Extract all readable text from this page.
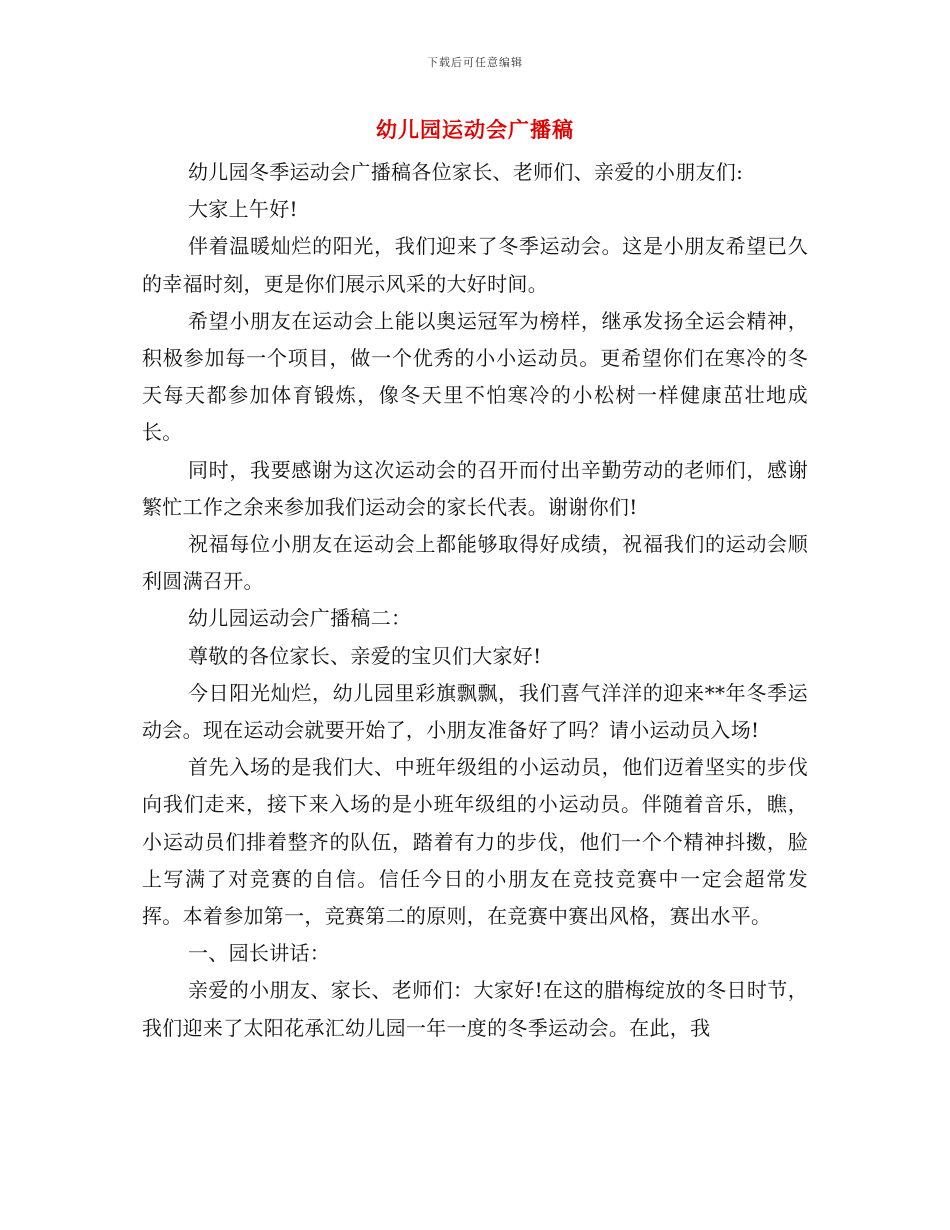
下载后可任意编辑
幼儿园运动会广播稿

幼儿园冬季运动会广播稿各位家长、老师们、亲爱的小朋友们:

大家上午好!

伴着温暖灿烂的阳光，我们迎来了冬季运动会。这是小朋友希望已久的幸福时刻，更是你们展示风采的大好时间。

希望小朋友在运动会上能以奥运冠军为榜样，继承发扬全运会精神，积极参加每一个项目，做一个优秀的小小运动员。更希望你们在寒冷的冬天每天都参加体育锻炼，像冬天里不怕寒冷的小松树一样健康茁壮地成长。

同时，我要感谢为这次运动会的召开而付出辛勤劳动的老师们，感谢繁忙工作之余来参加我们运动会的家长代表。谢谢你们!

祝福每位小朋友在运动会上都能够取得好成绩，祝福我们的运动会顺利圆满召开。

幼儿园运动会广播稿二：

尊敬的各位家长、亲爱的宝贝们大家好!

今日阳光灿烂，幼儿园里彩旗飘飘，我们喜气洋洋的迎来**年冬季运动会。现在运动会就要开始了，小朋友准备好了吗？请小运动员入场!

首先入场的是我们大、中班年级组的小运动员，他们迈着坚实的步伐向我们走来，接下来入场的是小班年级组的小运动员。伴随着音乐，瞧，小运动员们排着整齐的队伍，踏着有力的步伐，他们一个个精神抖擞，脸上写满了对竞赛的自信。信任今日的小朋友在竞技竞赛中一定会超常发挥。本着参加第一，竞赛第二的原则，在竞赛中赛出风格，赛出水平。

一、园长讲话：

亲爱的小朋友、家长、老师们：大家好!在这的腊梅绽放的冬日时节，我们迎来了太阳花承汇幼儿园一年一度的冬季运动会。在此，我
